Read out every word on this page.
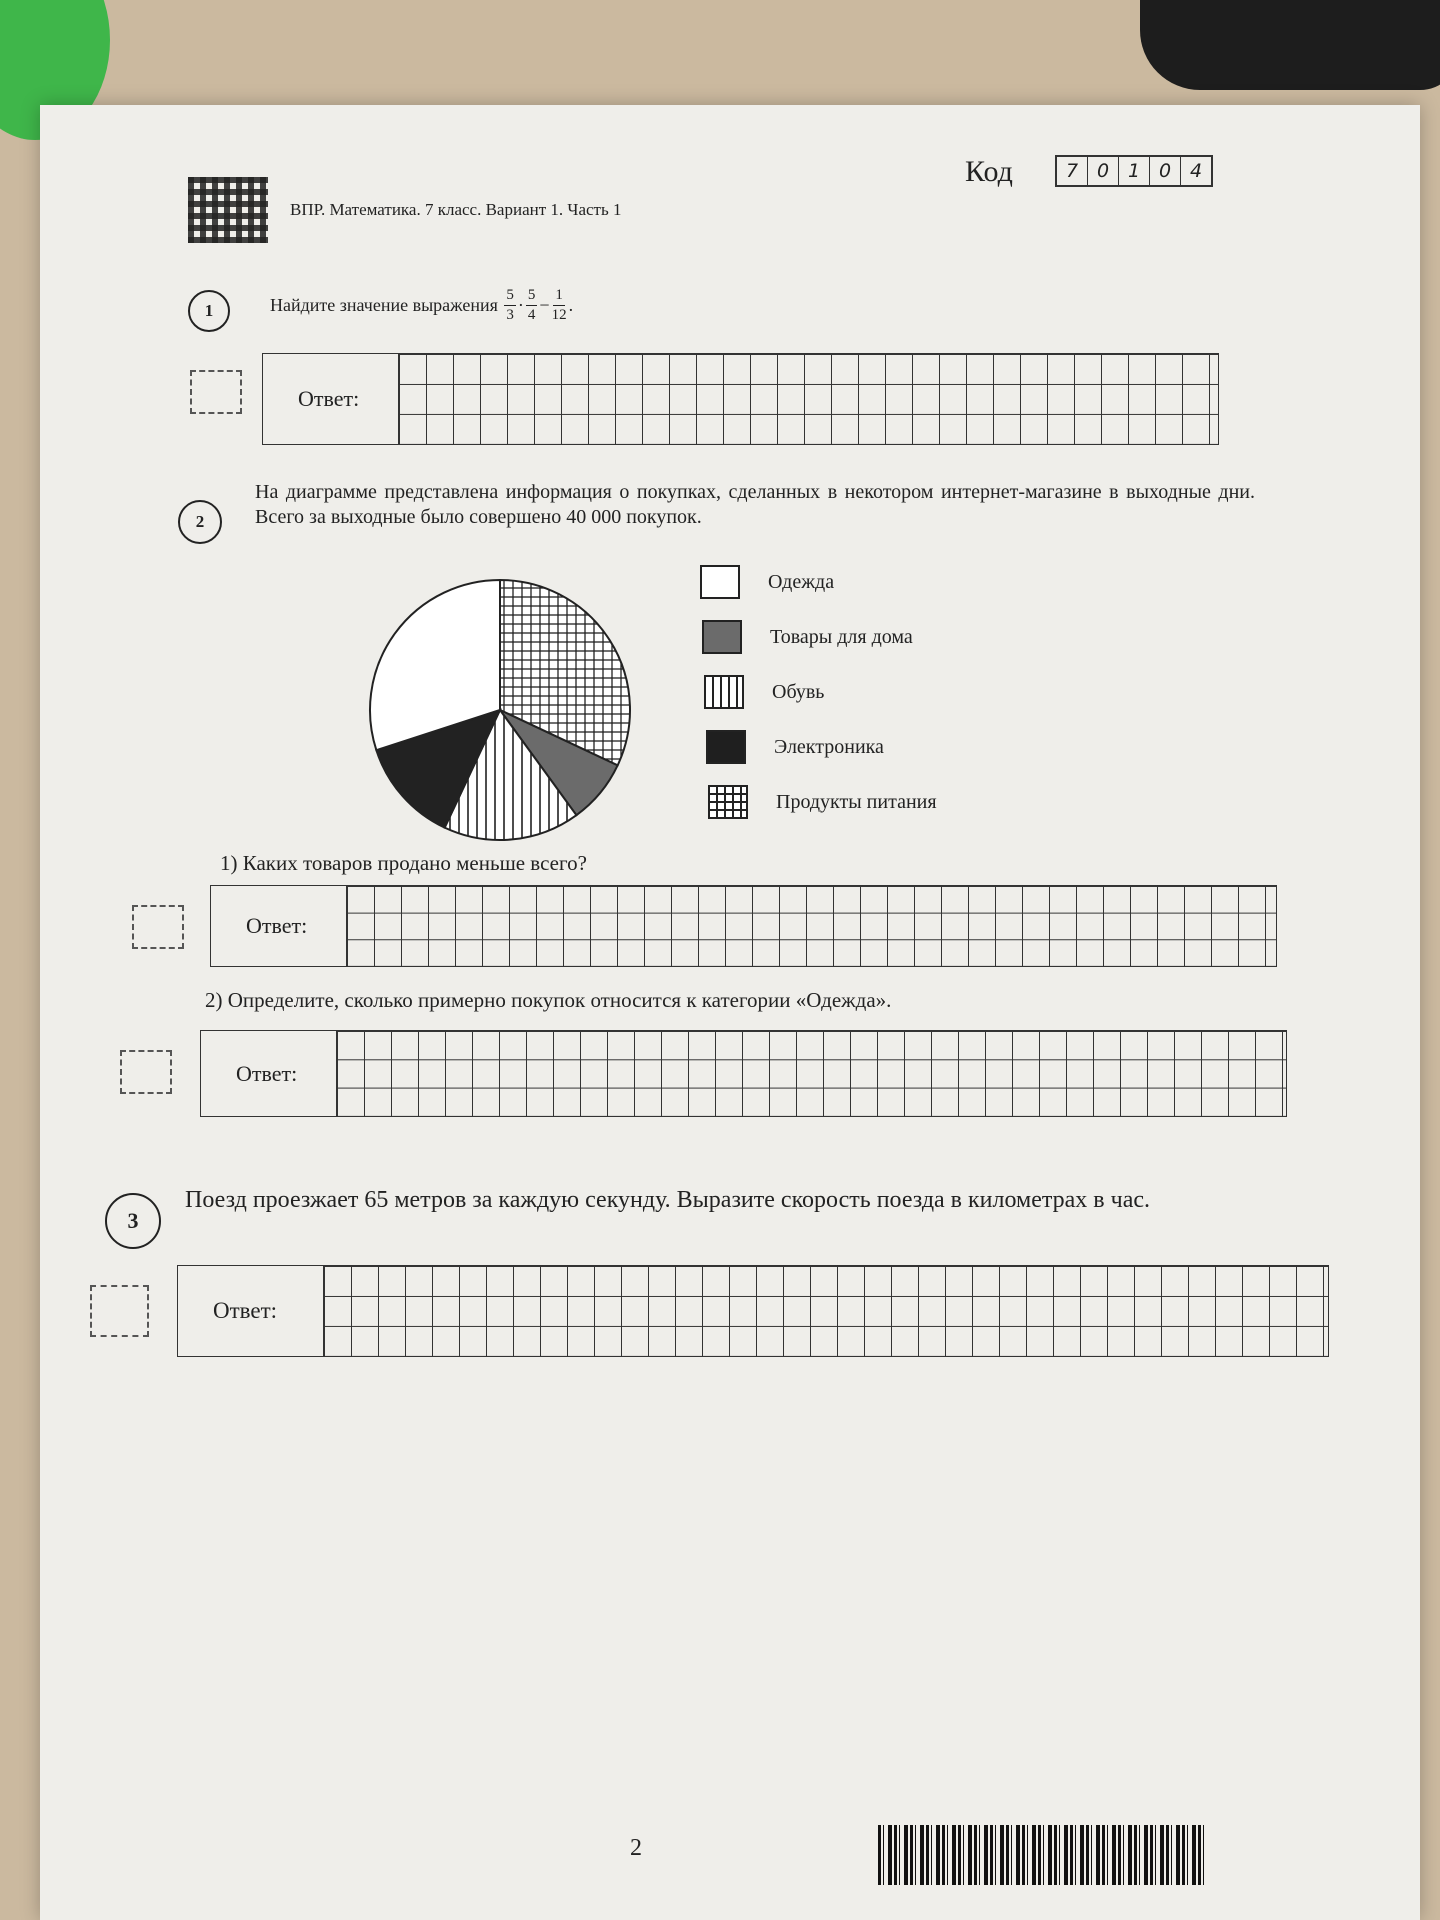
ВПР. Математика. 7 класс. Вариант 1. Часть 1
Код	7 0 1 0 4
1	Найдите значение выражения
$\frac{5}{3} \cdot \frac{5}{4} - \frac{1}{12}$ .
Ответ:
2
На диаграмме представлена информация о покупках, сделанных в некотором интернет-магазине в выходные дни. Всего за выходные было совершено 40 000 покупок.
Одежда
Товары для дома
Обувь
Электроника
Продукты питания
1) Каких товаров продано меньше всего?
Ответ:
2) Определите, сколько примерно покупок относится к категории «Одежда».
Ответ:
3
Поезд проезжает 65 метров за каждую секунду. Выразите скорость поезда в километрах в час.
Ответ:
2
